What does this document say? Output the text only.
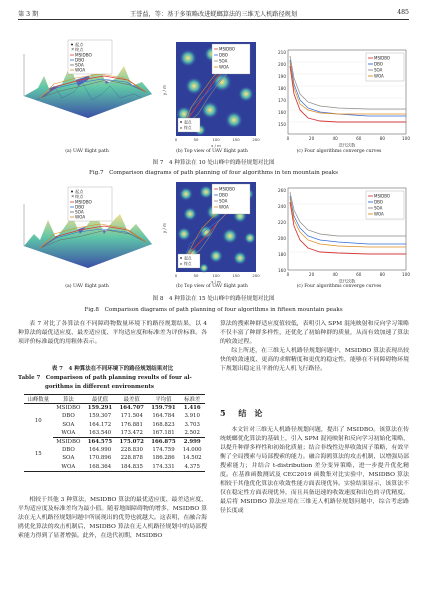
第 3 期	王誉益，等：基于多策略改进蜣螂算法的三维无人机路径规划	485
起点
× 终点
MSIDBO
DBO
SOA
WOA
(a) UAV flight path
MSIDBO
DBO
SOA
WOA
起点
× 终点
0	50	100	150	200
x / m
y / m
(b) Top view of UAV flight path
210
200
190
180
170
160
150
0	20	40	60	80	100
迭代次数
MSIDBO
DBO
SOA
WOA
(c) Four algorithms converge curves
图 7　4 种算法在 10 处山峰中的路径规划对比图
Fig.7　Comparison diagrams of path planning of four algorithms in ten mountain peaks
起点
× 终点
MSIDBO
DBO
SOA
WOA
(a) UAV flight path
MSIDBO
DBO
SOA
WOA
起点
× 终点
0	50	100	150	200
x / m
y / m
(b) Top view of UAV flight path
260
240
220
200
180
160
0	20	40	60	80	100
迭代次数
MSIDBO
DBO
SOA
WOA
(c) Four algorithms converge curves
图 8　4 种算法在 15 处山峰中的路径规划对比图
Fig.8　Comparison diagrams of path planning of four algorithms in fifteen mountain peaks

表 7 对比了各算法在不同障碍物数量环境下的路径规划结果，以 4 种算法的最优适应度、最差适应度、平均适应度和标准差为评价标准。各项评价标准最优的用粗体表示。

表 7　4 种算法在不同环境下的路径规划结果对比
Table 7　Comparison of path planning results of four al-
gorithms in different environments
山峰数量	算法	最优值	最差值	平均值	标准差

10	MSIDBO	159.291	164.707	159.791	1.416
	DBO	159.307	171.504	164.784	3.910
	SOA	164.172	176.881	168.823	3.703
	WOA	163.540	173.472	167.181	2.502
15	MSIDBO	164.575	175.072	166.875	2.999
	DBO	164.990	228.830	174.759	14.000
	SOA	170.896	228.878	186.286	14.502
	WOA	168.364	184.835	174.331	4.375

相较于其他 3 种算法，MSIDBO 算法的最优适应度、最差适应度、平均适应度及标准差均为最小值。随着地图障碍物的增多，MSIDBO 算法在无人机路径规划问题中所展现出的优势也就越大。这表明，在融合海鸥优化算法的攻击机制后，MSIDBO 算法在无人机路径规划中的局部搜索能力得到了显著增强。此外，在迭代初期，MSIDBO

算法的搜索种群适应度值较低，表明引入 SPM 混沌映射和反向学习策略不仅丰富了种群多样性，还优化了初始种群的质量，从而有效加速了算法的收敛过程。

综上所述，在三维无人机路径规划问题中，MSIDBO 算法表现出较快的收敛速度、更高的求解精度和更优的稳定性，能够在不同障碍物环境下规划出稳定且平滑的无人机飞行路径。

5 结　论

本文针对三维无人机路径规划问题，提出了 MSIDBO。该算法在传统蜣螂优化算法的基础上，引入 SPM 混沌映射和反向学习初始化策略，以提升种群多样性和初始化质量；结合非线性边界收敛因子策略，有效平衡了全局搜索与局部搜索的能力。融合海鸥算法的攻击机制，以增强局部搜索能力；并结合 t-distribution 差分变异策略，进一步提升优化精度。在基准函数测试及 CEC2019 函数集对比实验中，MSIDBO 算法相较于其他优化算法在收敛性能方面表现优异。实验结果显示，该算法不仅在稳定性方面表现优异，而且具备迅速的收敛速度和出色的寻优精度。最后将 MSIDBO 算法应用在三维无人机路径规划问题中，综合考虑路径长度或
